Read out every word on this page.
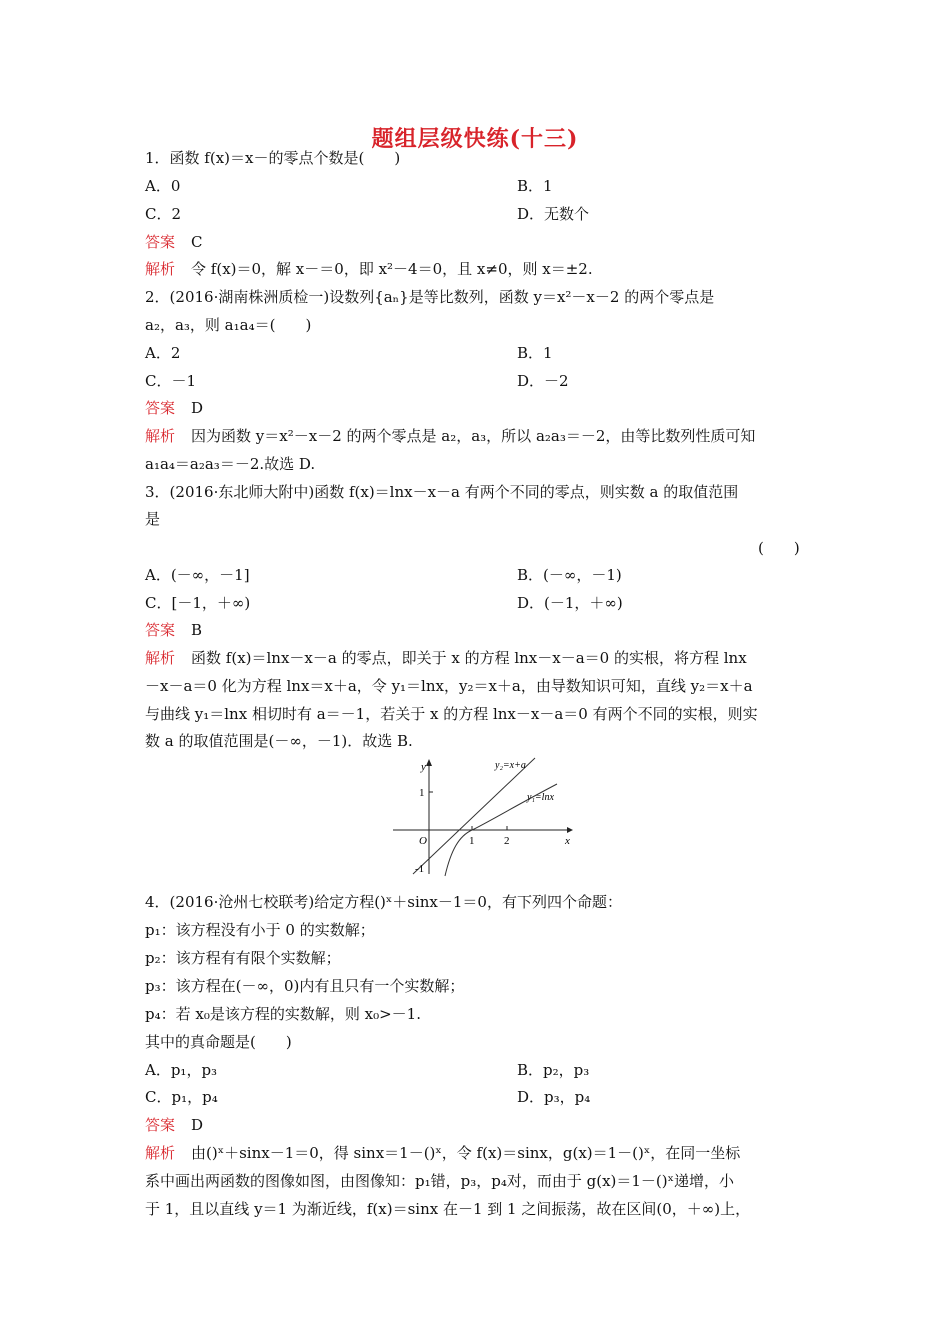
题组层级快练(十三)
1．函数 f(x)＝x－的零点个数是(　　)
A．0	B．1
C．2	D．无数个
答案 C
解析 令 f(x)＝0，解 x－＝0，即 x²－4＝0，且 x≠0，则 x＝±2.
2．(2016·湖南株洲质检一)设数列{aₙ}是等比数列，函数 y＝x²－x－2 的两个零点是
a₂，a₃，则 a₁a₄＝(　　)
A．2	B．1
C．－1	D．－2
答案 D
解析 因为函数 y＝x²－x－2 的两个零点是 a₂，a₃，所以 a₂a₃＝－2，由等比数列性质可知
a₁a₄＝a₂a₃＝－2.故选 D.
3．(2016·东北师大附中)函数 f(x)＝lnx－x－a 有两个不同的零点，则实数 a 的取值范围
是
(　　)
A．(－∞，－1]	B．(－∞，－1)
C．[－1，＋∞)	D．(－1，＋∞)
答案 B
解析 函数 f(x)＝lnx－x－a 的零点，即关于 x 的方程 lnx－x－a＝0 的实根，将方程 lnx
－x－a＝0 化为方程 lnx＝x＋a，令 y₁＝lnx，y₂＝x＋a，由导数知识可知，直线 y₂＝x＋a
与曲线 y₁＝lnx 相切时有 a＝－1，若关于 x 的方程 lnx－x－a＝0 有两个不同的实根，则实
数 a 的取值范围是(－∞，－1)．故选 B.
y
x
O
1
1	2
-1
y₂=x+a
y₁=lnx
4．(2016·沧州七校联考)给定方程()ˣ＋sinx－1＝0，有下列四个命题：
p₁：该方程没有小于 0 的实数解；
p₂：该方程有有限个实数解；
p₃：该方程在(－∞，0)内有且只有一个实数解；
p₄：若 x₀是该方程的实数解，则 x₀>－1.
其中的真命题是(　　)
A．p₁，p₃	B．p₂，p₃
C．p₁，p₄	D．p₃，p₄
答案 D
解析 由()ˣ＋sinx－1＝0，得 sinx＝1－()ˣ，令 f(x)＝sinx，g(x)＝1－()ˣ，在同一坐标
系中画出两函数的图像如图，由图像知：p₁错，p₃，p₄对，而由于 g(x)＝1－()ˣ递增，小
于 1，且以直线 y＝1 为渐近线，f(x)＝sinx 在－1 到 1 之间振荡，故在区间(0，＋∞)上，
